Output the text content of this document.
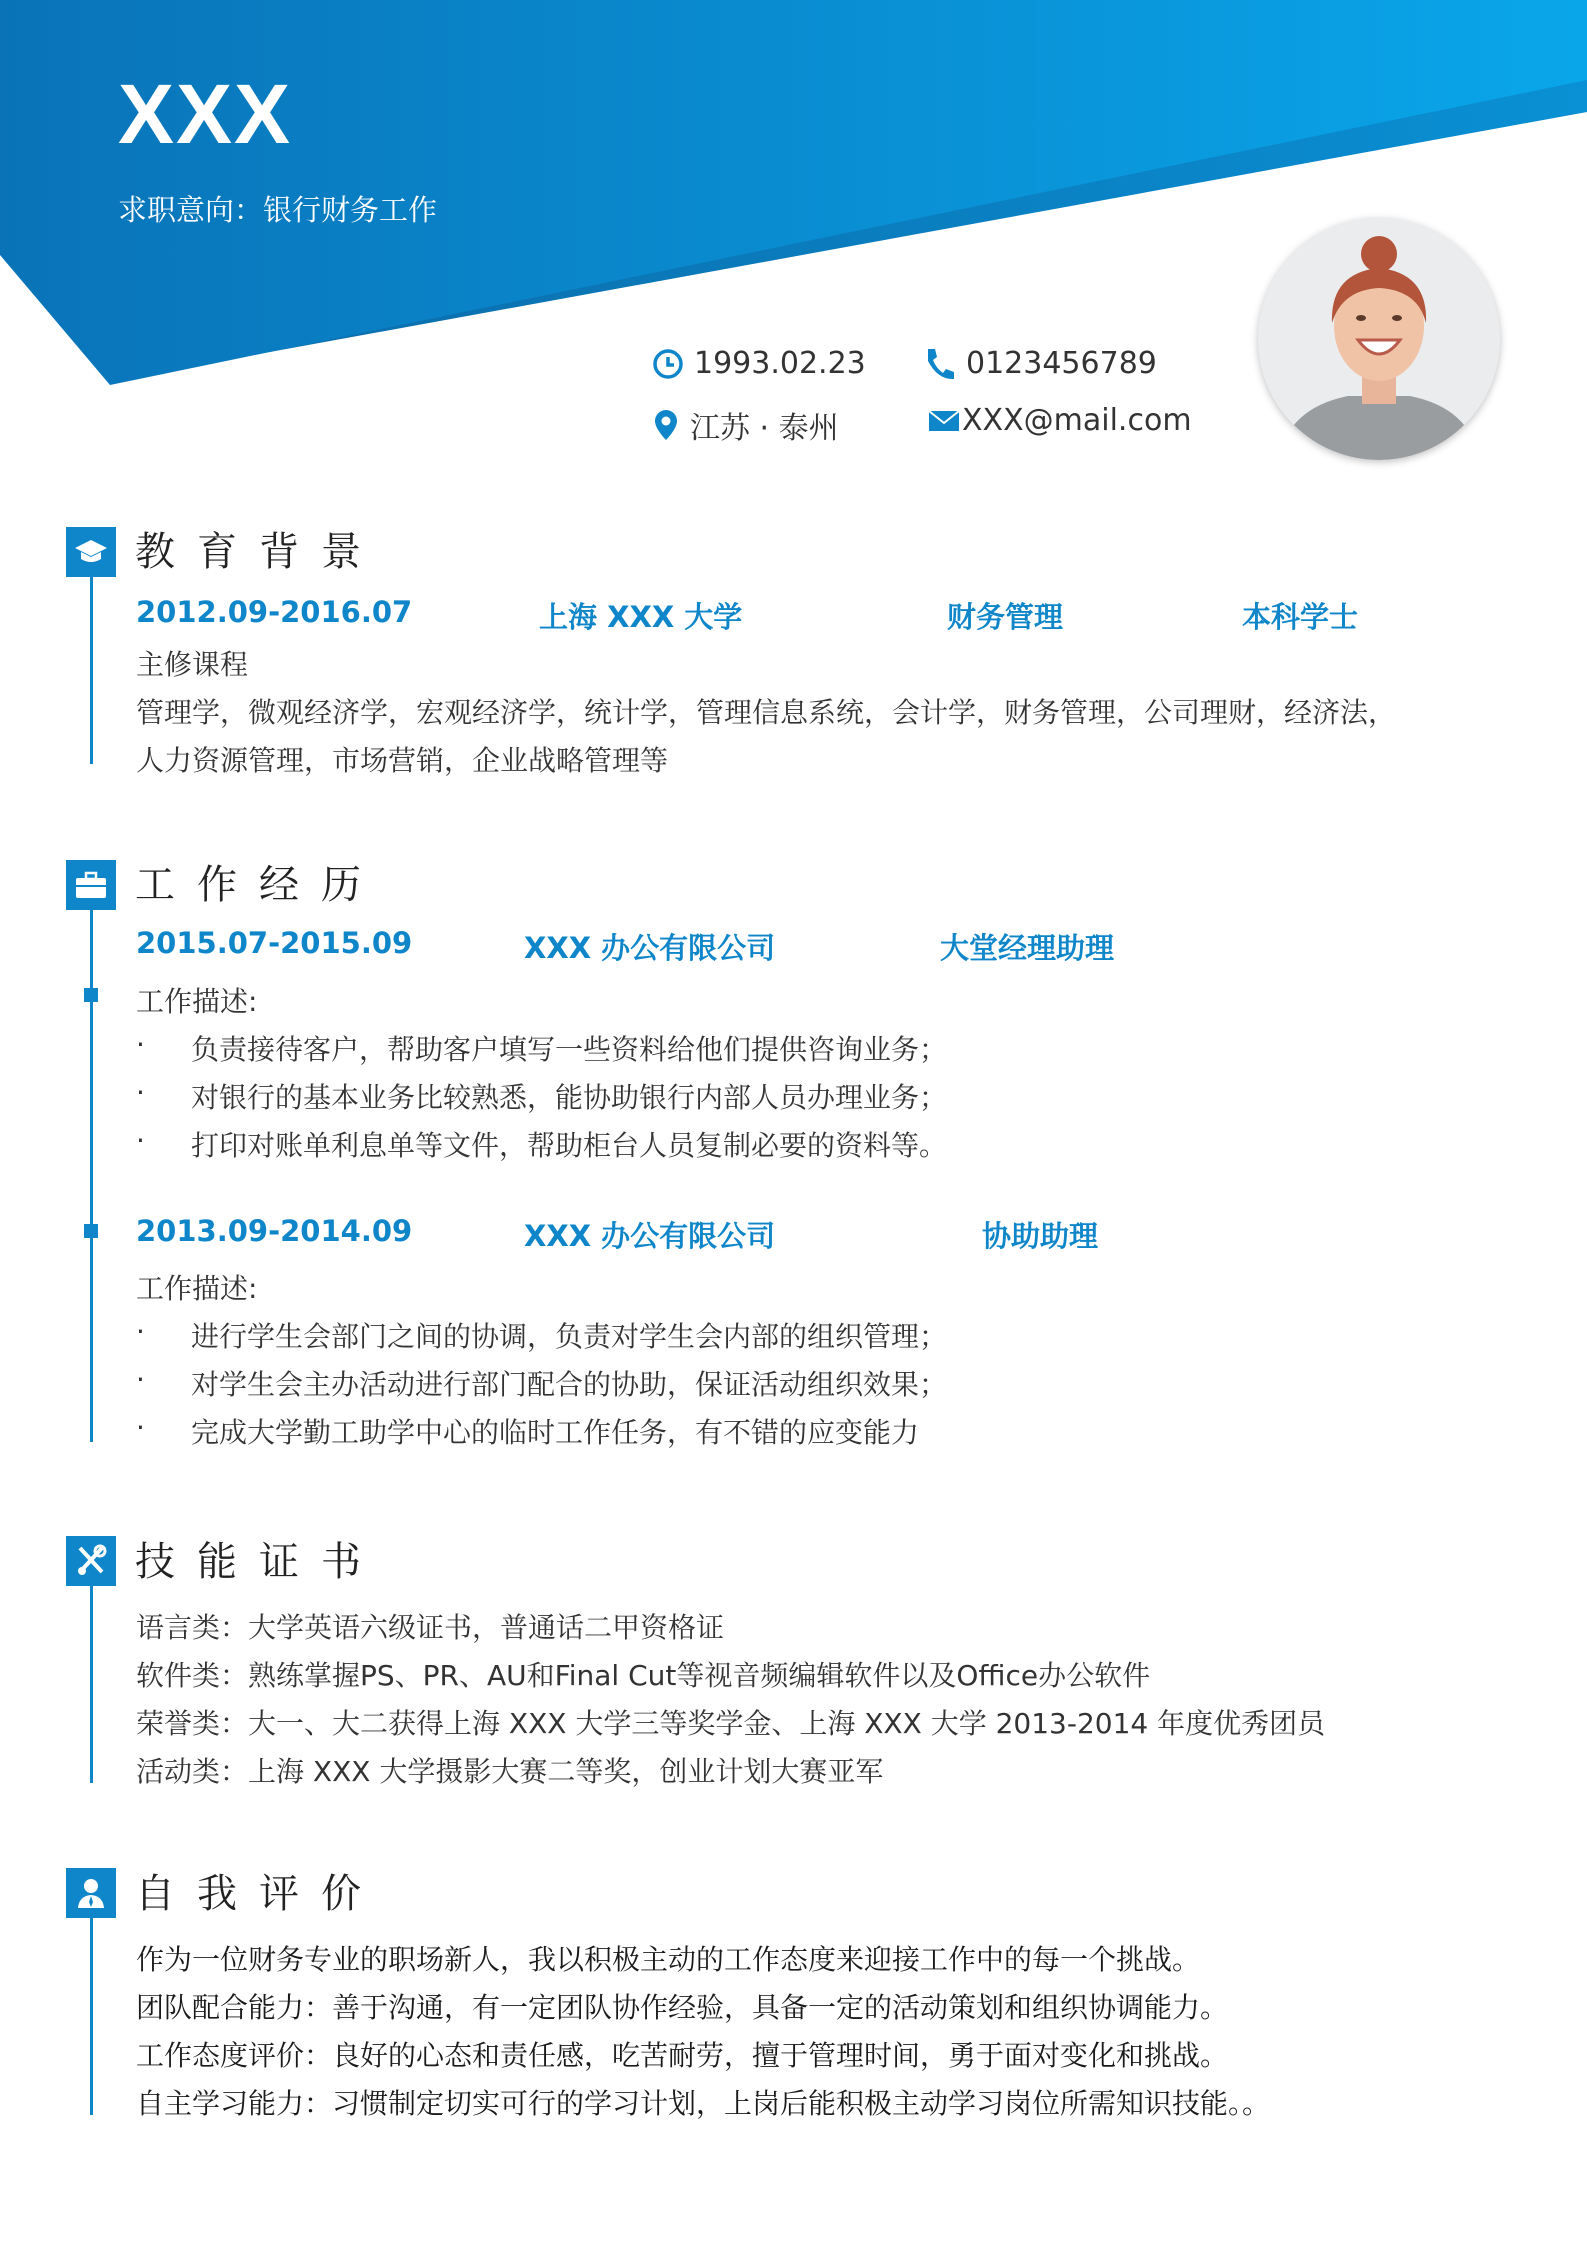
XXX
求职意向：银行财务工作
1993.02.23	0123456789
江苏 · 泰州	XXX@mail.com
教育背景
2012.09-2016.07	上海 XXX 大学	财务管理	本科学士
主修课程
管理学，微观经济学，宏观经济学，统计学，管理信息系统，会计学，财务管理，公司理财，经济法，
人力资源管理，市场营销，企业战略管理等
工作经历
2015.07-2015.09	XXX 办公有限公司	大堂经理助理
工作描述:
· 负责接待客户，帮助客户填写一些资料给他们提供咨询业务；
· 对银行的基本业务比较熟悉，能协助银行内部人员办理业务；
· 打印对账单利息单等文件，帮助柜台人员复制必要的资料等。
2013.09-2014.09	XXX 办公有限公司	协助助理
工作描述:
· 进行学生会部门之间的协调，负责对学生会内部的组织管理；
· 对学生会主办活动进行部门配合的协助，保证活动组织效果；
· 完成大学勤工助学中心的临时工作任务，有不错的应变能力
技能证书
语言类：大学英语六级证书，普通话二甲资格证
软件类：熟练掌握PS、PR、AU和Final Cut等视音频编辑软件以及Office办公软件
荣誉类：大一、大二获得上海 XXX 大学三等奖学金、上海 XXX 大学 2013-2014 年度优秀团员
活动类：上海 XXX 大学摄影大赛二等奖，创业计划大赛亚军
自我评价
作为一位财务专业的职场新人，我以积极主动的工作态度来迎接工作中的每一个挑战。
团队配合能力：善于沟通，有一定团队协作经验，具备一定的活动策划和组织协调能力。
工作态度评价：良好的心态和责任感，吃苦耐劳，擅于管理时间，勇于面对变化和挑战。
自主学习能力：习惯制定切实可行的学习计划，上岗后能积极主动学习岗位所需知识技能。。
